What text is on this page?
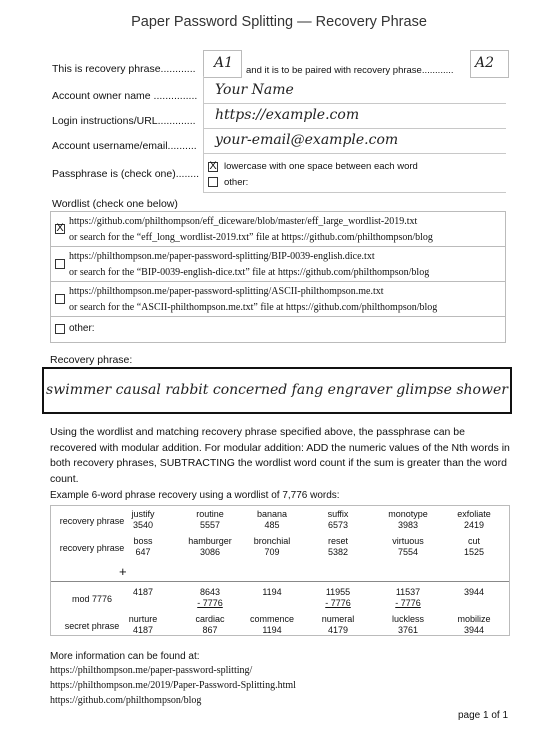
Paper Password Splitting — Recovery Phrase
This is recovery phrase............ A1 and it is to be paired with recovery phrase............ A2
Account owner name ............... Your Name
Login instructions/URL............. https://example.com
Account username/email.......... your-email@example.com
Passphrase is (check one)........
X lowercase with one space between each word
other:
Wordlist (check one below)
X
https://github.com/philthompson/eff_diceware/blob/master/eff_large_wordlist-2019.txt
or search for the “eff_long_wordlist-2019.txt” file at https://github.com/philthompson/blog
https://philthompson.me/paper-password-splitting/BIP-0039-english.dice.txt
or search for the “BIP-0039-english-dice.txt” file at https://github.com/philthompson/blog
https://philthompson.me/paper-password-splitting/ASCII-philthompson.me.txt
or search for the “ASCII-philthompson.me.txt” file at https://github.com/philthompson/blog
other:
Recovery phrase:
swimmer causal rabbit concerned fang engraver glimpse shower
Using the wordlist and matching recovery phrase specified above, the passphrase can be recovered with modular addition. For modular addition: ADD the numeric values of the Nth words in both recovery phrases, SUBTRACTING the wordlist word count if the sum is greater than the word count.
Example 6-word phrase recovery using a wordlist of 7,776 words:
+
recovery phrase
recovery phrase
mod 7776
secret phrase
justify
3540
routine
5557
banana
485
suffix
6573
monotype
3983
exfoliate
2419
boss
647
hamburger
3086
bronchial
709
reset
5382
virtuous
7554
cut
1525
4187	8643
- 7776
1194	11955
- 7776
11537
- 7776
3944
nurture
4187
cardiac
867
commence
1194
numeral
4179
luckless
3761
mobilize
3944
More information can be found at:
https://philthompson.me/paper-password-splitting/
https://philthompson.me/2019/Paper-Password-Splitting.html
https://github.com/philthompson/blog
page 1 of 1
